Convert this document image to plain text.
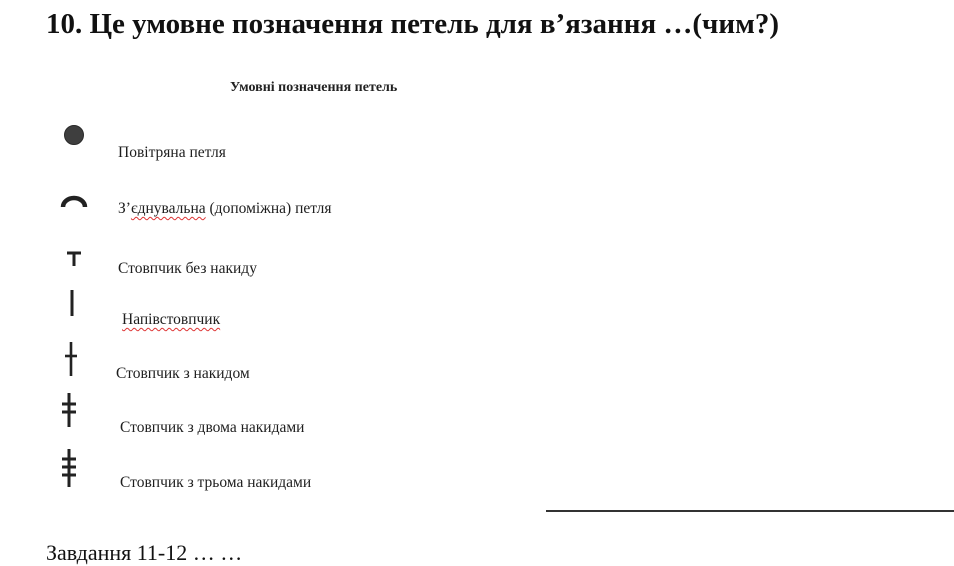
10. Це умовне позначення петель для в’язання …(чим?)
Умовні позначення петель
Повітряна петля
З’єднувальна (допоміжна) петля
Стовпчик без накиду
Напівстовпчик
Стовпчик з накидом
Стовпчик з двома накидами
Стовпчик з трьома накидами
Завдання 11-12 … …
